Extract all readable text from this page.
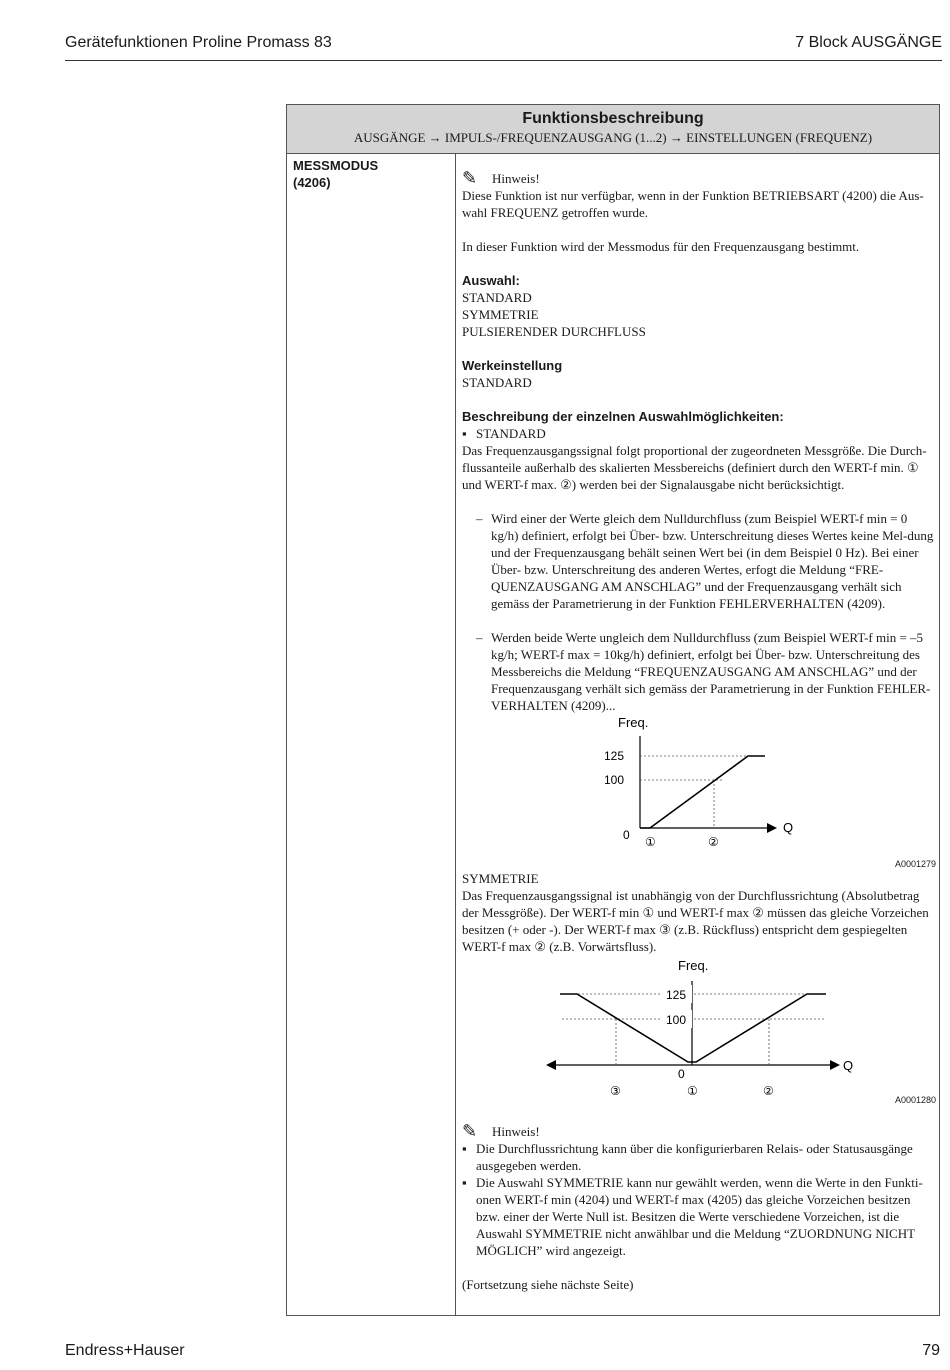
Gerätefunktionen Proline Promass 83	7 Block AUSGÄNGE
Funktionsbeschreibung
AUSGÄNGE → IMPULS-/FREQUENZAUSGANG (1...2) → EINSTELLUNGEN (FREQUENZ)
MESSMODUS
(4206)	✎	Hinweis!

Diese Funktion ist nur verfügbar, wenn in der Funktion BETRIEBSART (4200) die Aus-wahl FREQUENZ getroffen wurde.

In dieser Funktion wird der Messmodus für den Frequenzausgang bestimmt.

Auswahl:

STANDARD

SYMMETRIE

PULSIERENDER DURCHFLUSS

Werkeinstellung

STANDARD

Beschreibung der einzelnen Auswahlmöglichkeiten:

▪ STANDARD

Das Frequenzausgangssignal folgt proportional der zugeordneten Messgröße. Die Durch-flussanteile außerhalb des skalierten Messbereichs (definiert durch den WERT-f min. ① und WERT-f max. ②) werden bei der Signalausgabe nicht berücksichtigt.

– Wird einer der Werte gleich dem Nulldurchfluss (zum Beispiel WERT-f min = 0 kg/h) definiert, erfolgt bei Über- bzw. Unterschreitung dieses Wertes keine Mel-dung und der Frequenzausgang behält seinen Wert bei (in dem Beispiel 0 Hz). Bei einer Über- bzw. Unterschreitung des anderen Wertes, erfogt die Meldung “FRE-QUENZAUSGANG AM ANSCHLAG” und der Frequenzausgang verhält sich gemäss der Parametrierung in der Funktion FEHLERVERHALTEN (4209).
– Werden beide Werte ungleich dem Nulldurchfluss (zum Beispiel WERT-f min = –5 kg/h; WERT-f max = 10kg/h) definiert, erfolgt bei Über- bzw. Unterschreitung des Messbereichs die Meldung “FREQUENZAUSGANG AM ANSCHLAG” und der Frequenzausgang verhält sich gemäss der Parametrierung in der Funktion FEHLER-VERHALTEN (4209)...
Freq.
125
100
0	Q
①	②
A0001279

SYMMETRIE

Das Frequenzausgangssignal ist unabhängig von der Durchflussrichtung (Absolutbetrag der Messgröße). Der WERT-f min ① und WERT-f max ② müssen das gleiche Vorzeichen besitzen (+ oder -). Der WERT-f max ③ (z.B. Rückfluss) entspricht dem gespiegelten WERT-f max ② (z.B. Vorwärtsfluss).

Freq.
125
100
0
Q
③	①	②
A0001280
✎	Hinweis!
▪ Die Durchflussrichtung kann über die konfigurierbaren Relais- oder Statusausgänge ausgegeben werden.
▪ Die Auswahl SYMMETRIE kann nur gewählt werden, wenn die Werte in den Funkti-onen WERT-f min (4204) und WERT-f max (4205) das gleiche Vorzeichen besitzen bzw. einer der Werte Null ist. Besitzen die Werte verschiedene Vorzeichen, ist die Auswahl SYMMETRIE nicht anwählbar und die Meldung “ZUORDNUNG NICHT MÖGLICH” wird angezeigt.

(Fortsetzung siehe nächste Seite)

Endress+Hauser	79
